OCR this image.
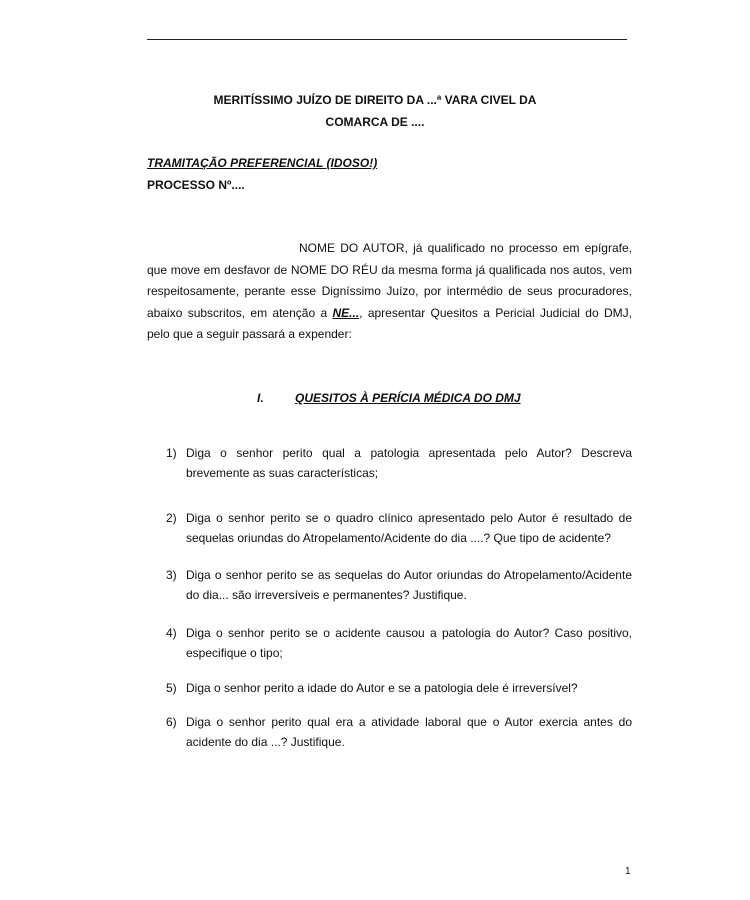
MERITÍSSIMO JUÍZO DE DIREITO DA ...ª VARA CIVEL DA
COMARCA DE ....
TRAMITAÇÃO PREFERENCIAL (IDOSO!)
PROCESSO Nº....
NOME DO AUTOR, já qualificado no processo em epígrafe, que move em desfavor de NOME DO RÉU da mesma forma já qualificada nos autos, vem respeitosamente, perante esse Digníssimo Juízo, por intermédio de seus procuradores, abaixo subscritos, em atenção a NE..., apresentar Quesitos a Pericial Judicial do DMJ, pelo que a seguir passará a expender:
I.	QUESITOS À PERÍCIA MÉDICA DO DMJ
1) Diga o senhor perito qual a patologia apresentada pelo Autor? Descreva brevemente as suas características;
2) Diga o senhor perito se o quadro clínico apresentado pelo Autor é resultado de sequelas oriundas do Atropelamento/Acidente do dia ....? Que tipo de acidente?
3) Diga o senhor perito se as sequelas do Autor oriundas do Atropelamento/Acidente do dia... são irreversíveis e permanentes? Justifique.
4) Diga o senhor perito se o acidente causou a patologia do Autor? Caso positivo, especifique o tipo;
5) Diga o senhor perito a idade do Autor e se a patologia dele é irreversível?
6) Diga o senhor perito qual era a atividade laboral que o Autor exercia antes do acidente do dia ...? Justifique.
1
